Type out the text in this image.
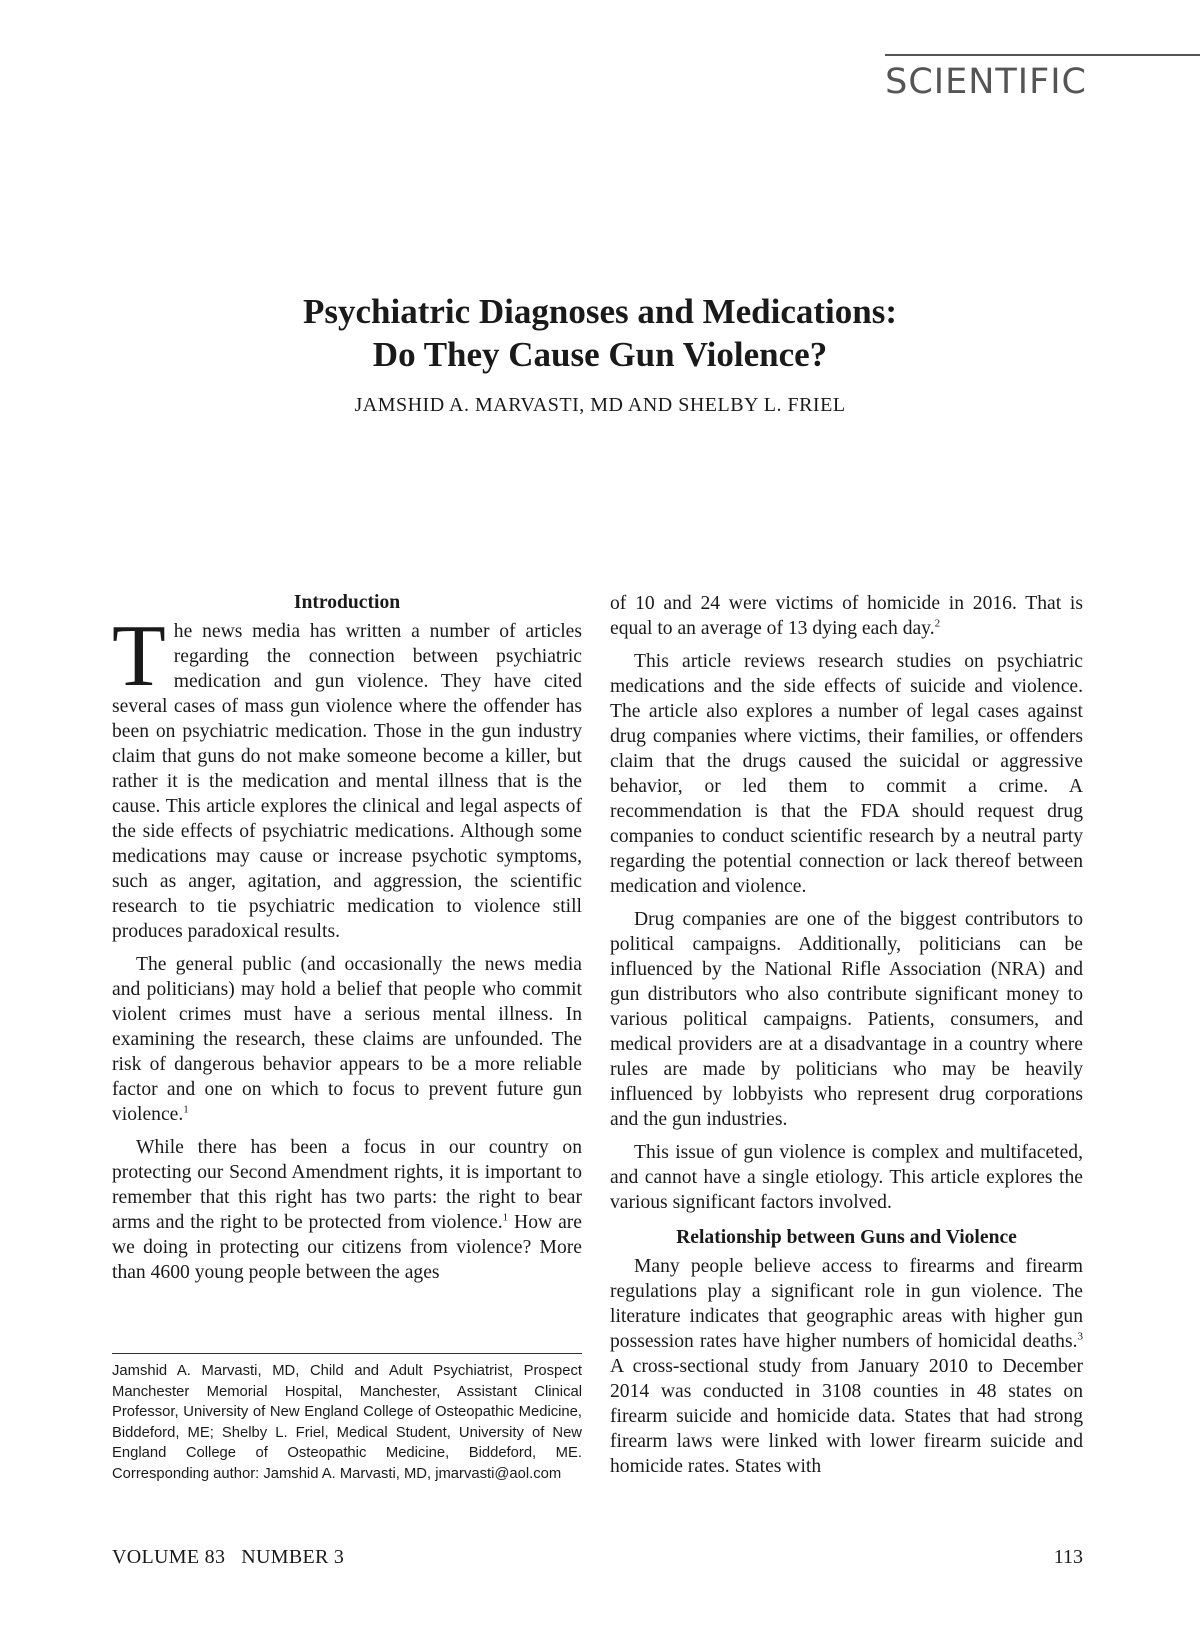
SCIENTIFIC
Psychiatric Diagnoses and Medications:
Do They Cause Gun Violence?
JAMSHID A. MARVASTI, MD AND SHELBY L. FRIEL
Introduction

The news media has written a number of articles regarding the connection between psychiatric medication and gun violence. They have cited several cases of mass gun violence where the offender has been on psychiatric medication. Those in the gun industry claim that guns do not make someone become a killer, but rather it is the medication and mental illness that is the cause. This article explores the clinical and legal aspects of the side effects of psychiatric medications. Although some medications may cause or increase psychotic symptoms, such as anger, agitation, and aggression, the scientific research to tie psychiatric medication to violence still produces paradoxical results.

The general public (and occasionally the news media and politicians) may hold a belief that people who commit violent crimes must have a serious mental illness. In examining the research, these claims are unfounded. The risk of dangerous behavior appears to be a more reliable factor and one on which to focus to prevent future gun violence.$^1$

While there has been a focus in our country on protecting our Second Amendment rights, it is important to remember that this right has two parts: the right to bear arms and the right to be protected from violence.$^1$ How are we doing in protecting our citizens from violence? More than 4600 young people between the ages

of 10 and 24 were victims of homicide in 2016. That is equal to an average of 13 dying each day.$^2$

This article reviews research studies on psychiatric medications and the side effects of suicide and violence. The article also explores a number of legal cases against drug companies where victims, their families, or offenders claim that the drugs caused the suicidal or aggressive behavior, or led them to commit a crime. A recommendation is that the FDA should request drug companies to conduct scientific research by a neutral party regarding the potential connection or lack thereof between medication and violence.

Drug companies are one of the biggest contributors to political campaigns. Additionally, politicians can be influenced by the National Rifle Association (NRA) and gun distributors who also contribute significant money to various political campaigns. Patients, consumers, and medical providers are at a disadvantage in a country where rules are made by politicians who may be heavily influenced by lobbyists who represent drug corporations and the gun industries.

This issue of gun violence is complex and multifaceted, and cannot have a single etiology. This article explores the various significant factors involved.

Relationship between Guns and Violence

Many people believe access to firearms and firearm regulations play a significant role in gun violence. The literature indicates that geographic areas with higher gun possession rates have higher numbers of homicidal deaths.$^3$ A cross-sectional study from January 2010 to December 2014 was conducted in 3108 counties in 48 states on firearm suicide and homicide data. States that had strong firearm laws were linked with lower firearm suicide and homicide rates. States with

Jamshid A. Marvasti, MD, Child and Adult Psychiatrist, Prospect Manchester Memorial Hospital, Manchester, Assistant Clinical Professor, University of New England College of Osteopathic Medicine, Biddeford, ME; Shelby L. Friel, Medical Student, University of New England College of Osteopathic Medicine, Biddeford, ME. Corresponding author: Jamshid A. Marvasti, MD, jmarvasti@aol.com
VOLUME 83 NUMBER 3	113
